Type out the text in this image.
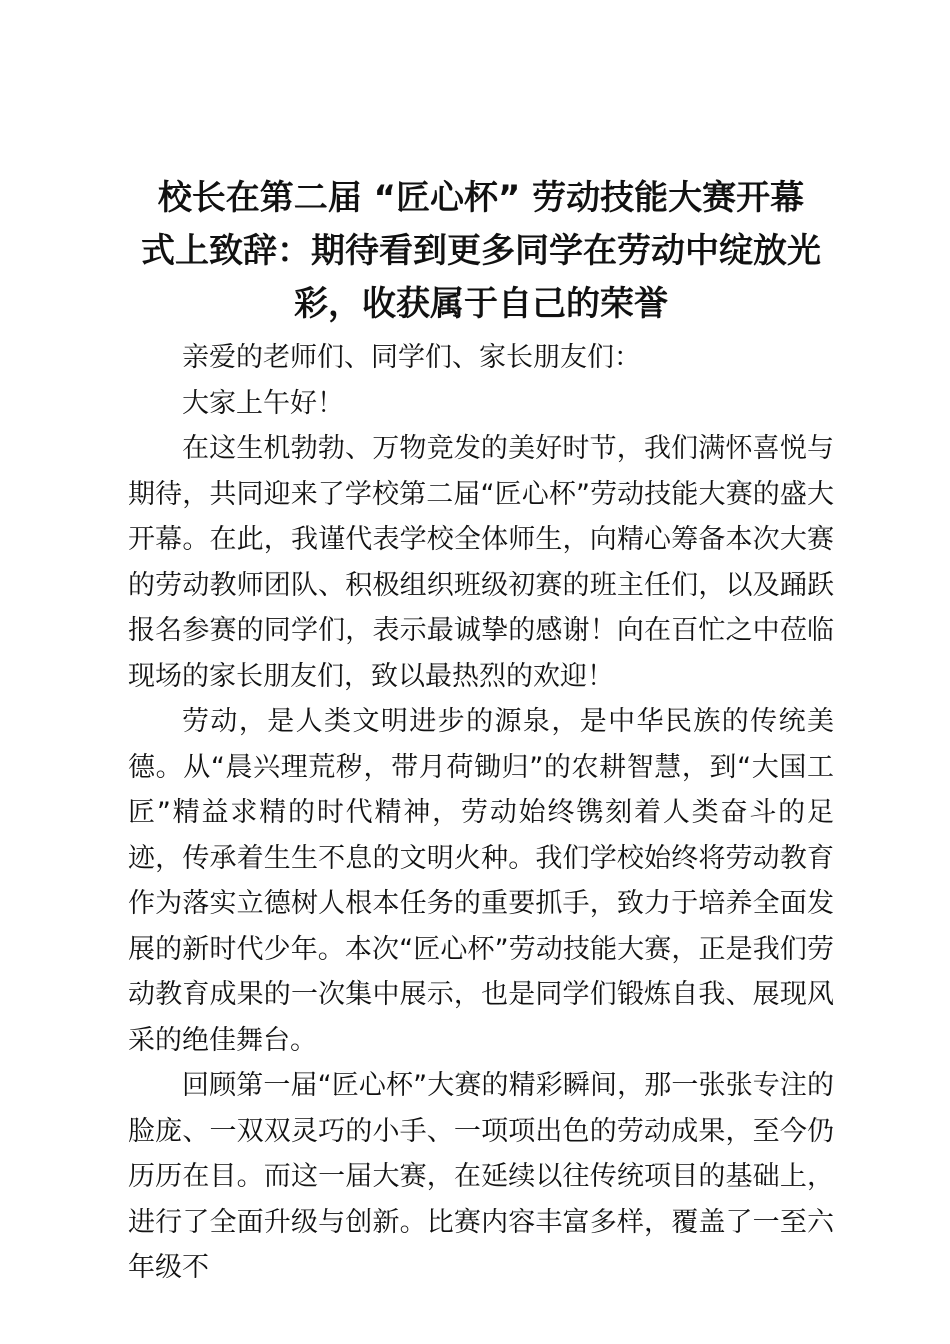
校长在第二届 “匠心杯” 劳动技能大赛开幕
式上致辞：期待看到更多同学在劳动中绽放光
彩，收获属于自己的荣誉

亲爱的老师们、同学们、家长朋友们：

大家上午好！

在这生机勃勃、万物竞发的美好时节，我们满怀喜悦与期待，共同迎来了学校第二届“匠心杯”劳动技能大赛的盛大开幕。在此，我谨代表学校全体师生，向精心筹备本次大赛的劳动教师团队、积极组织班级初赛的班主任们，以及踊跃报名参赛的同学们，表示最诚挚的感谢！向在百忙之中莅临现场的家长朋友们，致以最热烈的欢迎！

劳动，是人类文明进步的源泉，是中华民族的传统美德。从“晨兴理荒秽，带月荷锄归”的农耕智慧，到“大国工匠”精益求精的时代精神，劳动始终镌刻着人类奋斗的足迹，传承着生生不息的文明火种。我们学校始终将劳动教育作为落实立德树人根本任务的重要抓手，致力于培养全面发展的新时代少年。本次“匠心杯”劳动技能大赛，正是我们劳动教育成果的一次集中展示，也是同学们锻炼自我、展现风采的绝佳舞台。

回顾第一届“匠心杯”大赛的精彩瞬间，那一张张专注的脸庞、一双双灵巧的小手、一项项出色的劳动成果，至今仍历历在目。而这一届大赛，在延续以往传统项目的基础上，进行了全面升级与创新。比赛内容丰富多样，覆盖了一至六年级不
